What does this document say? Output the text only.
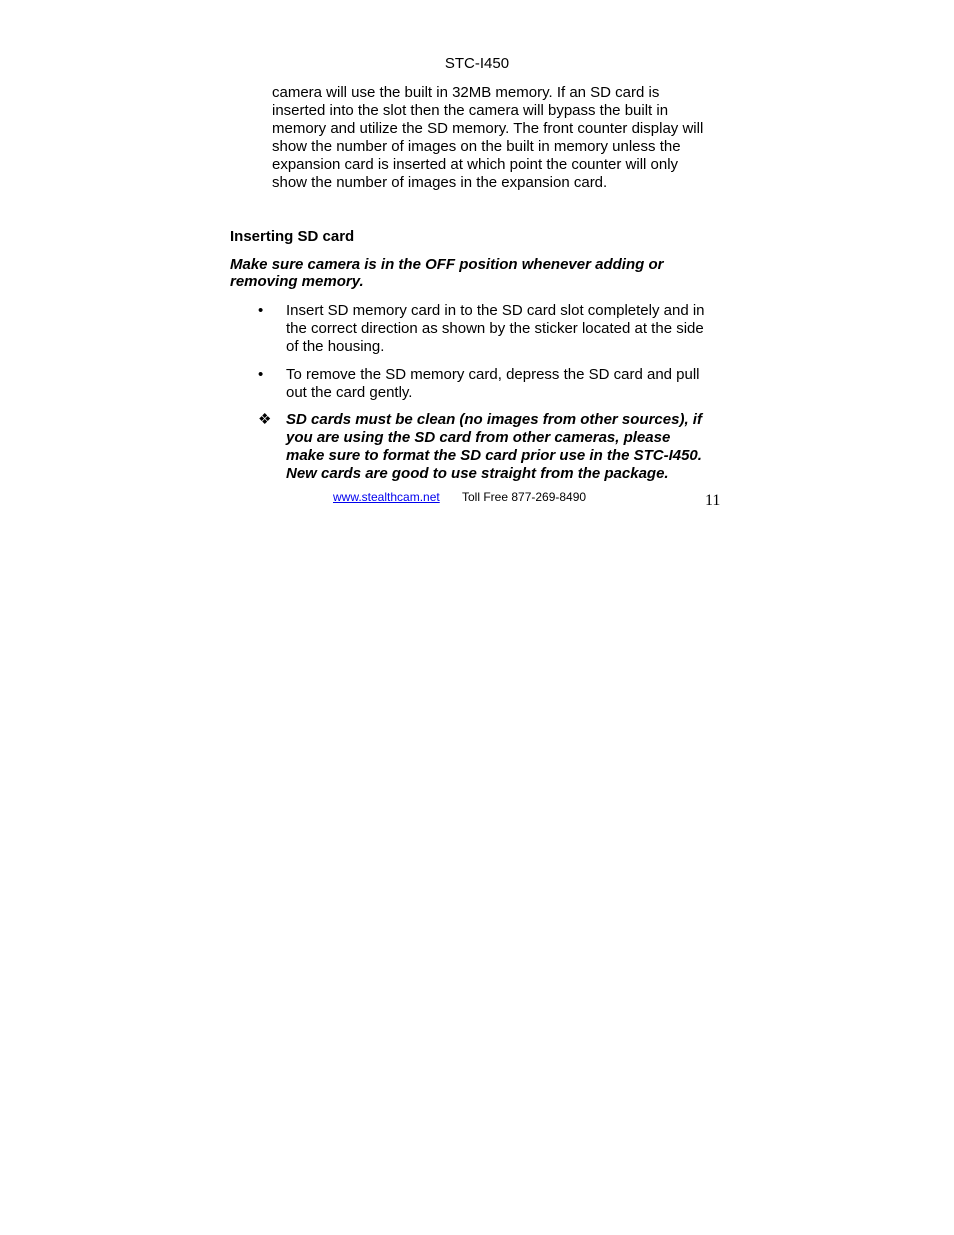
STC-I450

camera will use the built in 32MB memory. If an SD card is
inserted into the slot then the camera will bypass the built in
memory and utilize the SD memory. The front counter display will
show the number of images on the built in memory unless the
expansion card is inserted at which point the counter will only
show the number of images in the expansion card.

Inserting SD card

Make sure camera is in the OFF position whenever adding or
removing memory.

•	Insert SD memory card in to the SD card slot completely and in
the correct direction as shown by the sticker located at the side
of the housing.
•	To remove the SD memory card, depress the SD card and pull
out the card gently.
❖ SD cards must be clean (no images from other sources), if
you are using the SD card from other cameras, please
make sure to format the SD card prior use in the STC-I450.
New cards are good to use straight from the package.
www.stealthcam.net Toll Free 877-269-8490	11
